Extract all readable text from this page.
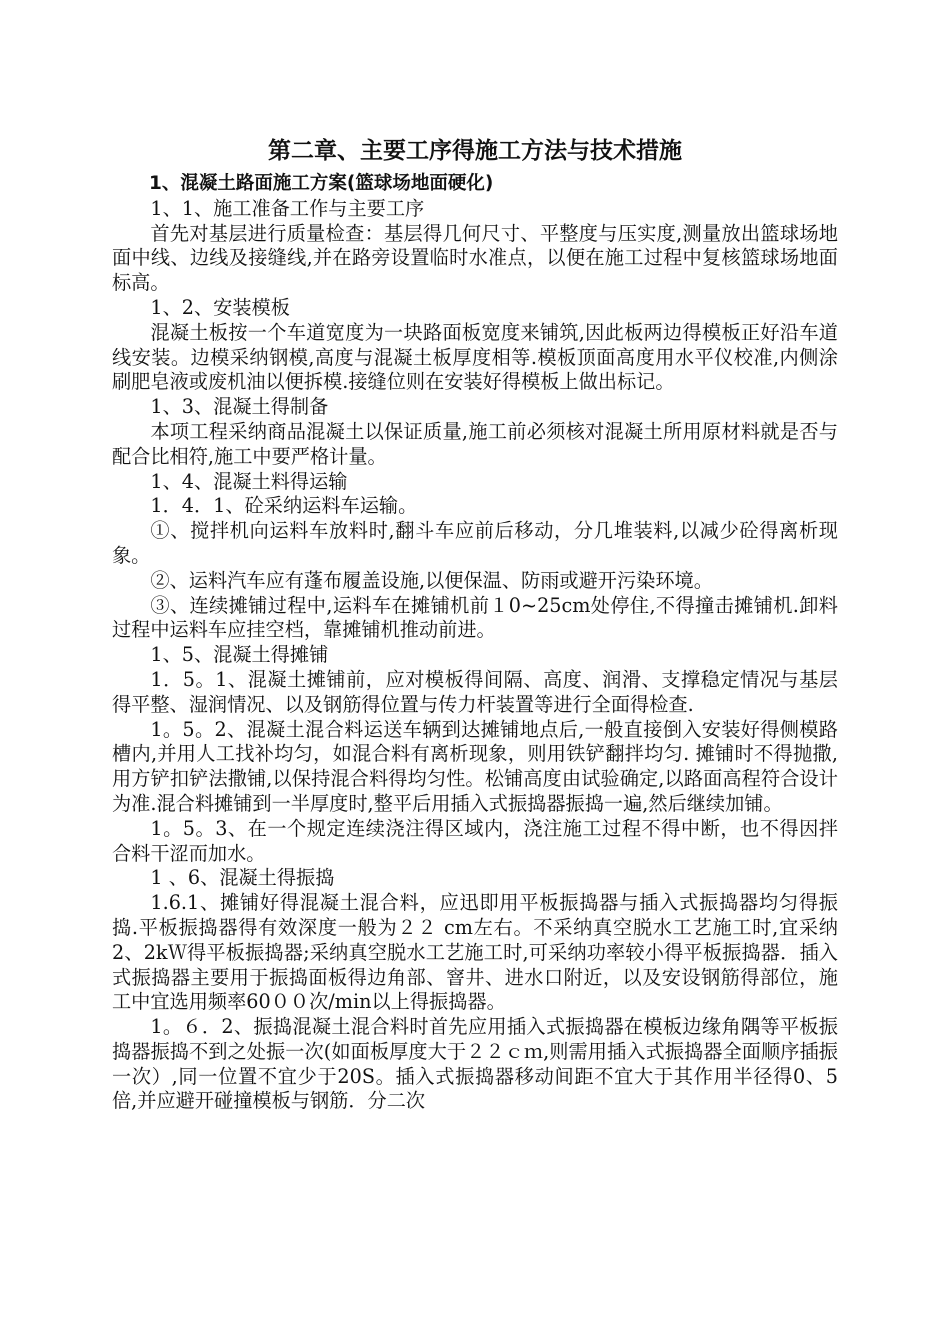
第二章、主要工序得施工方法与技术措施

1、混凝土路面施工方案(篮球场地面硬化)

1、1、施工准备工作与主要工序

首先对基层进行质量检查：基层得几何尺寸、平整度与压实度,测量放出篮球场地面中线、边线及接缝线,并在路旁设置临时水准点，以便在施工过程中复核篮球场地面标高。

1、2、安装模板

混凝土板按一个车道宽度为一块路面板宽度来铺筑,因此板两边得模板正好沿车道线安装。边模采纳钢模,高度与混凝土板厚度相等.模板顶面高度用水平仪校准,内侧涂刷肥皂液或废机油以便拆模.接缝位则在安装好得模板上做出标记。

1、3、混凝土得制备

本项工程采纳商品混凝土以保证质量,施工前必须核对混凝土所用原材料就是否与配合比相符,施工中要严格计量。

1、4、混凝土料得运输

1．4．1、砼采纳运料车运输。

①、搅拌机向运料车放料时,翻斗车应前后移动，分几堆装料,以减少砼得离析现象。

②、运料汽车应有蓬布履盖设施,以便保温、防雨或避开污染环境。

③、连续摊铺过程中,运料车在摊铺机前１0~25cm处停住,不得撞击摊铺机.卸料过程中运料车应挂空档，靠摊铺机推动前进。

1、5、混凝土得摊铺

1．5。1、混凝土摊铺前，应对模板得间隔、高度、润滑、支撑稳定情况与基层得平整、湿润情况、以及钢筋得位置与传力杆装置等进行全面得检查.

1。5。2、混凝土混合料运送车辆到达摊铺地点后,一般直接倒入安装好得侧模路槽内,并用人工找补均匀，如混合料有离析现象，则用铁铲翻拌均匀. 摊铺时不得抛撒,用方铲扣铲法撒铺,以保持混合料得均匀性。松铺高度由试验确定,以路面高程符合设计为准.混合料摊铺到一半厚度时,整平后用插入式振捣器振捣一遍,然后继续加铺。

1。5。3、在一个规定连续浇注得区域内，浇注施工过程不得中断，也不得因拌合料干涩而加水。

1 、6、混凝土得振捣

1.6.1、摊铺好得混凝土混合料，应迅即用平板振捣器与插入式振捣器均匀得振捣.平板振捣器得有效深度一般为２２ cm左右。不采纳真空脱水工艺施工时,宜采纳2、2kＷ得平板振捣器;采纳真空脱水工艺施工时,可采纳功率较小得平板振捣器．插入式振捣器主要用于振捣面板得边角部、窨井、进水口附近，以及安设钢筋得部位，施工中宜选用频率60００次/min以上得振捣器。

1。６．2、振捣混凝土混合料时首先应用插入式振捣器在模板边缘角隅等平板振捣器振捣不到之处振一次(如面板厚度大于２２ｃｍ,则需用插入式振捣器全面顺序插振一次）,同一位置不宜少于20S。插入式振捣器移动间距不宜大于其作用半径得0、5倍,并应避开碰撞模板与钢筋．分二次
